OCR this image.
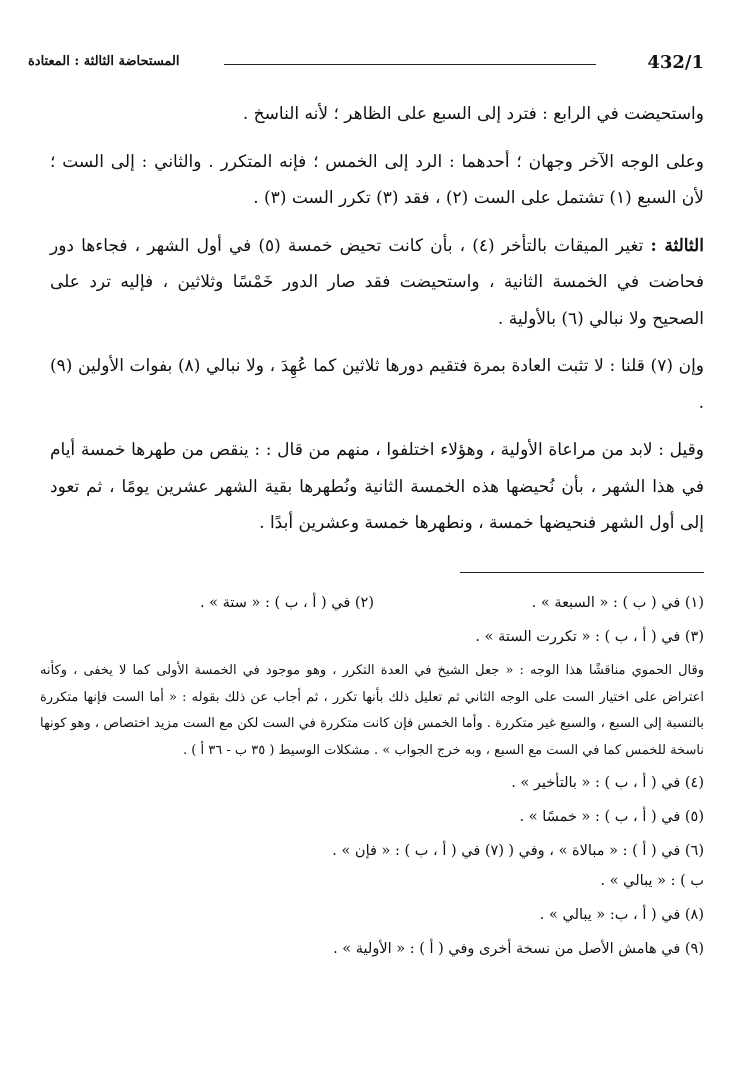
432/1
المستحاضة الثالثة : المعتادة

واستحيضت في الرابع : فترد إلى السبع على الظاهر ؛ لأنه الناسخ .

وعلى الوجه الآخر وجهان ؛ أحدهما : الرد إلى الخمس ؛ فإنه المتكرر . والثاني : إلى الست ؛ لأن السبع (١) تشتمل على الست (٢) ، فقد (٣) تكرر الست (٣) .

الثالثة : تغير الميقات بالتأخر (٤) ، بأن كانت تحيض خمسة (٥) في أول الشهر ، فجاءها دور فحاضت في الخمسة الثانية ، واستحيضت فقد صار الدور خَمْسًا وثلاثين ، فإليه ترد على الصحيح ولا نبالي (٦) بالأولية .

وإن (٧) قلنا : لا تثبت العادة بمرة فتقيم دورها ثلاثين كما عُهِدَ ، ولا نبالي (٨) بفوات الأولين (٩) .

وقيل : لابد من مراعاة الأولية ، وهؤلاء اختلفوا ، منهم من قال : : ينقص من طهرها خمسة أيام في هذا الشهر ، بأن نُحيضها هذه الخمسة الثانية ونُطهرها بقية الشهر عشرين يومًا ، ثم تعود إلى أول الشهر فنحيضها خمسة ، ونطهرها خمسة وعشرين أبدًا .

(١) في ( ب ) : « السبعة » .
(٢) في ( أ ، ب ) : « ستة » .
(٣) في ( أ ، ب ) : « تكررت الستة » .
وقال الحموي مناقشًا هذا الوجه : « جعل الشيخ في العدة التكرر ، وهو موجود في الخمسة الأولى كما لا يخفى ، وكأنه اعتراض على اختيار الست على الوجه الثاني ثم تعليل ذلك بأنها تكرر ، ثم أجاب عن ذلك بقوله : « أما الست فإنها متكررة بالنسبة إلى السبع ، والسبع غير متكررة . وأما الخمس فإن كانت متكررة في الست لكن مع الست مزيد اختصاص ، وهو كونها ناسخة للخمس كما في الست مع السبع ، وبه خرج الجواب » . مشكلات الوسيط ( ٣٥ ب - ٣٦ أ ) .
(٤) في ( أ ، ب ) : « بالتأخير » .
(٥) في ( أ ، ب ) : « خمسًا » .
(٦) في ( أ ) : « مبالاة » ، وفي ( ب ) : « يبالي » .
(٧) في ( أ ، ب ) : « فإن » .
(٨) في ( أ ، ب: « يبالي » .
(٩) في هامش الأصل من نسخة أخرى وفي ( أ ) : « الأولية » .
